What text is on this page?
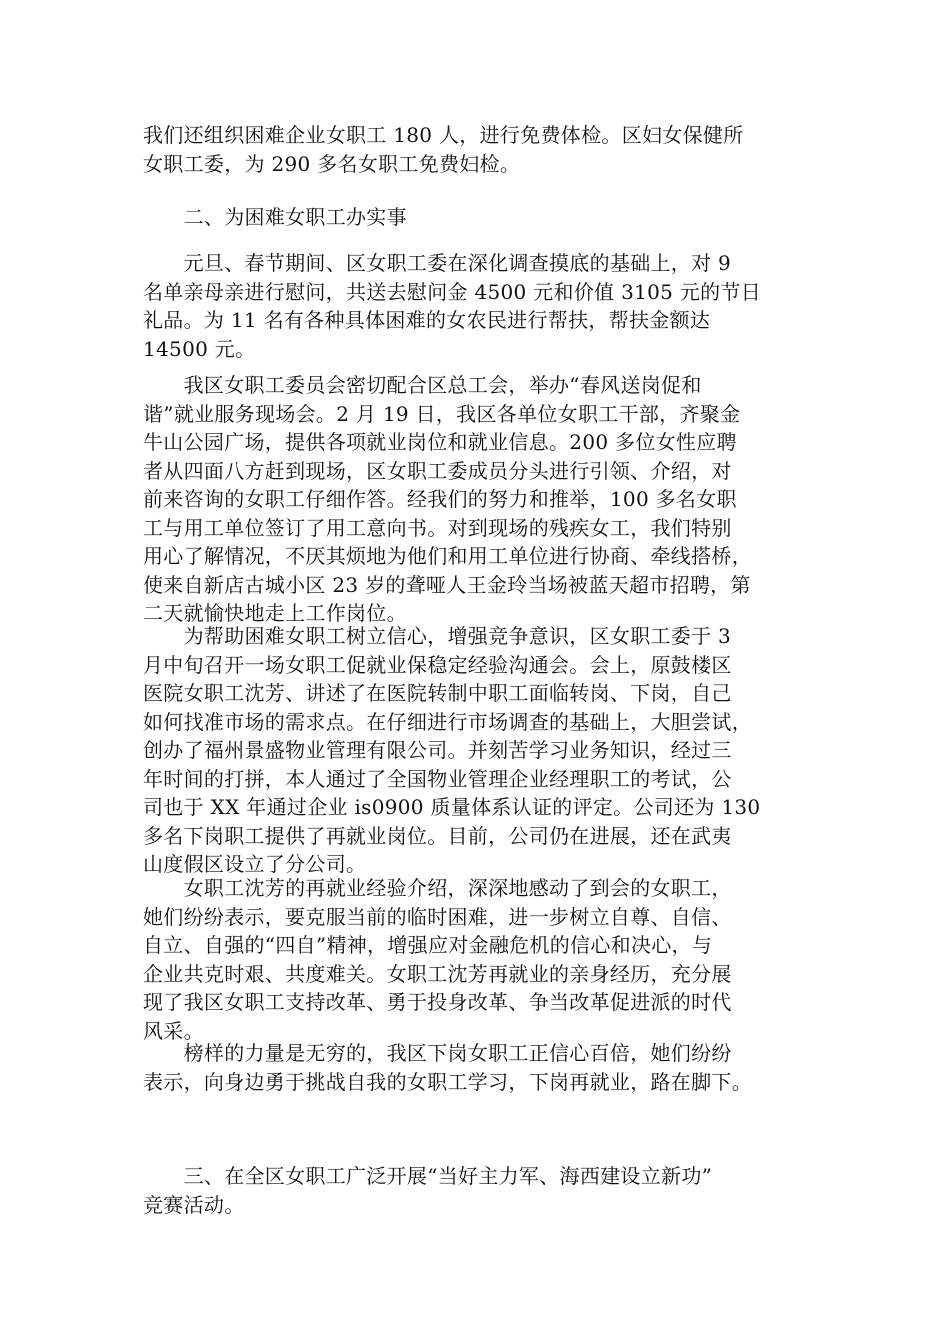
我们还组织困难企业女职工 180 人，进行免费体检。区妇女保健所
女职工委，为 290 多名女职工免费妇检。
　　二、为困难女职工办实事
　　元旦、春节期间、区女职工委在深化调查摸底的基础上，对 9
名单亲母亲进行慰问，共送去慰问金 4500 元和价值 3105 元的节日
礼品。为 11 名有各种具体困难的女农民进行帮扶，帮扶金额达
14500 元。
　　我区女职工委员会密切配合区总工会，举办“春风送岗促和
谐”就业服务现场会。2 月 19 日，我区各单位女职工干部，齐聚金
牛山公园广场，提供各项就业岗位和就业信息。200 多位女性应聘
者从四面八方赶到现场，区女职工委成员分头进行引领、介绍，对
前来咨询的女职工仔细作答。经我们的努力和推举，100 多名女职
工与用工单位签订了用工意向书。对到现场的残疾女工，我们特别
用心了解情况，不厌其烦地为他们和用工单位进行协商、牵线搭桥，
使来自新店古城小区 23 岁的聋哑人王金玲当场被蓝天超市招聘，第
二天就愉快地走上工作岗位。
　　为帮助困难女职工树立信心，增强竞争意识，区女职工委于 3
月中旬召开一场女职工促就业保稳定经验沟通会。会上，原鼓楼区
医院女职工沈芳、讲述了在医院转制中职工面临转岗、下岗，自己
如何找准市场的需求点。在仔细进行市场调查的基础上，大胆尝试，
创办了福州景盛物业管理有限公司。并刻苦学习业务知识，经过三
年时间的打拼，本人通过了全国物业管理企业经理职工的考试，公
司也于 XX 年通过企业 is0900 质量体系认证的评定。公司还为 130
多名下岗职工提供了再就业岗位。目前，公司仍在进展，还在武夷
山度假区设立了分公司。
　　女职工沈芳的再就业经验介绍，深深地感动了到会的女职工，
她们纷纷表示，要克服当前的临时困难，进一步树立自尊、自信、
自立、自强的“四自”精神，增强应对金融危机的信心和决心，与
企业共克时艰、共度难关。女职工沈芳再就业的亲身经历，充分展
现了我区女职工支持改革、勇于投身改革、争当改革促进派的时代
风采。
　　榜样的力量是无穷的，我区下岗女职工正信心百倍，她们纷纷
表示，向身边勇于挑战自我的女职工学习，下岗再就业，路在脚下。
　　三、在全区女职工广泛开展“当好主力军、海西建设立新功”
竞赛活动。
